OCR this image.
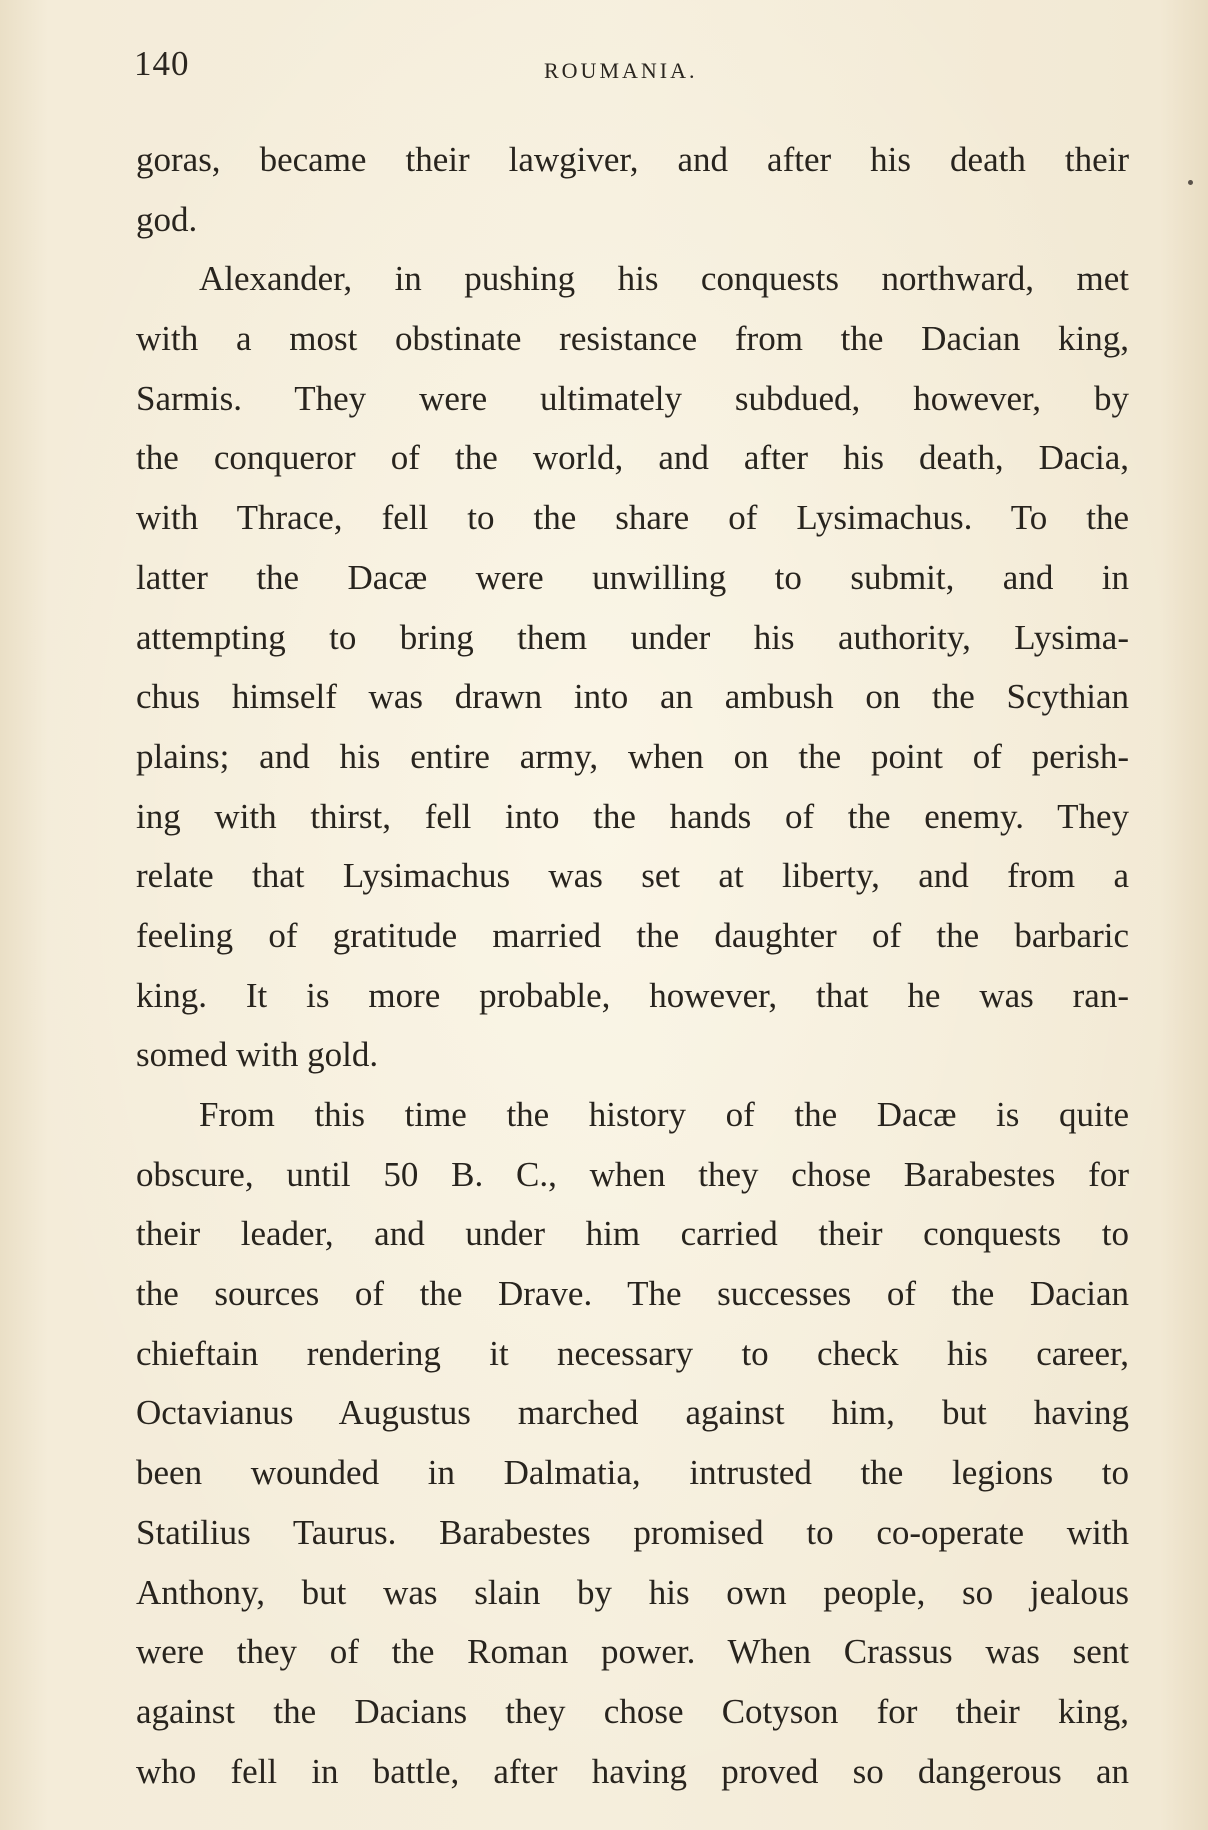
140	ROUMANIA.
goras, became their lawgiver, and after his death their
god.
Alexander, in pushing his conquests northward, met
with a most obstinate resistance from the Dacian king,
Sarmis. They were ultimately subdued, however, by
the conqueror of the world, and after his death, Dacia,
with Thrace, fell to the share of Lysimachus. To the
latter the Dacæ were unwilling to submit, and in
attempting to bring them under his authority, Lysima-
chus himself was drawn into an ambush on the Scythian
plains; and his entire army, when on the point of perish-
ing with thirst, fell into the hands of the enemy. They
relate that Lysimachus was set at liberty, and from a
feeling of gratitude married the daughter of the barbaric
king. It is more probable, however, that he was ran-
somed with gold.
From this time the history of the Dacæ is quite
obscure, until 50 B. C., when they chose Barabestes for
their leader, and under him carried their conquests to
the sources of the Drave. The successes of the Dacian
chieftain rendering it necessary to check his career,
Octavianus Augustus marched against him, but having
been wounded in Dalmatia, intrusted the legions to
Statilius Taurus. Barabestes promised to co-operate with
Anthony, but was slain by his own people, so jealous
were they of the Roman power. When Crassus was sent
against the Dacians they chose Cotyson for their king,
who fell in battle, after having proved so dangerous an
